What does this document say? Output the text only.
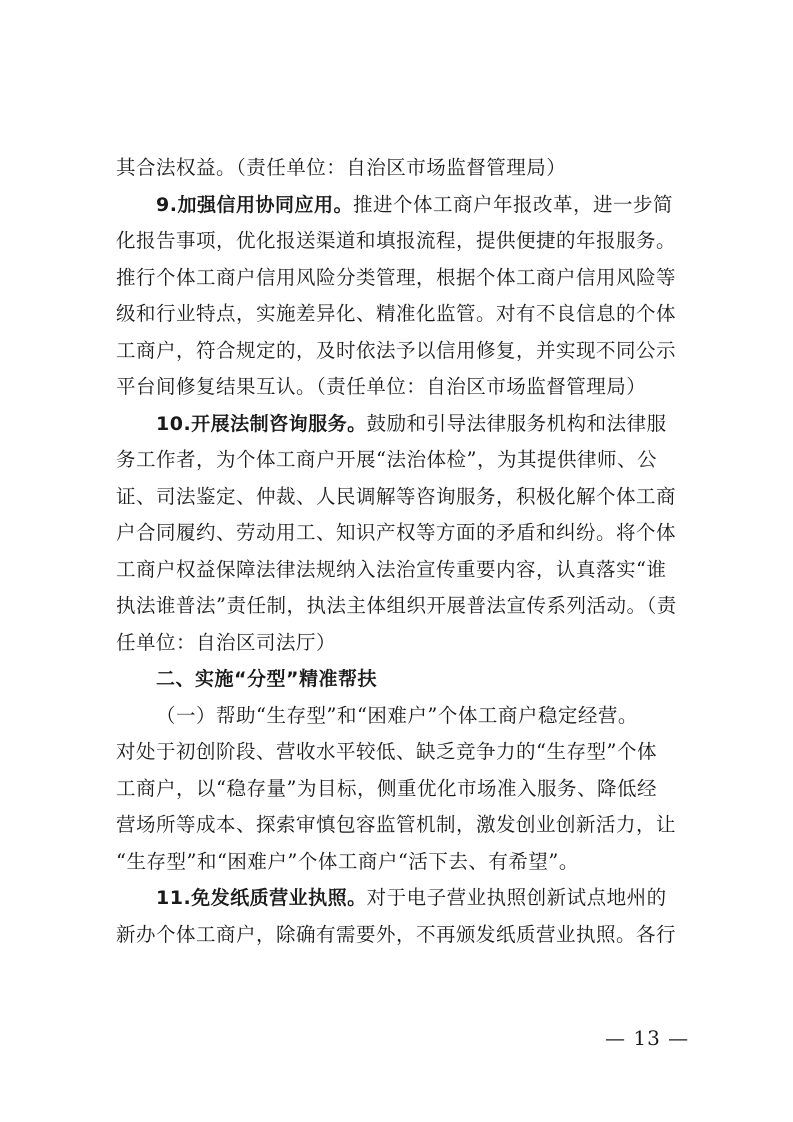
其合法权益。（责任单位：自治区市场监督管理局）
9.加强信用协同应用。推进个体工商户年报改革，进一步简
化报告事项，优化报送渠道和填报流程，提供便捷的年报服务。
推行个体工商户信用风险分类管理，根据个体工商户信用风险等
级和行业特点，实施差异化、精准化监管。对有不良信息的个体
工商户，符合规定的，及时依法予以信用修复，并实现不同公示
平台间修复结果互认。（责任单位：自治区市场监督管理局）
10.开展法制咨询服务。鼓励和引导法律服务机构和法律服
务工作者，为个体工商户开展“法治体检”，为其提供律师、公
证、司法鉴定、仲裁、人民调解等咨询服务，积极化解个体工商
户合同履约、劳动用工、知识产权等方面的矛盾和纠纷。将个体
工商户权益保障法律法规纳入法治宣传重要内容，认真落实“谁
执法谁普法”责任制，执法主体组织开展普法宣传系列活动。（责
任单位：自治区司法厅）
二、实施“分型”精准帮扶
（一）帮助“生存型”和“困难户”个体工商户稳定经营。
对处于初创阶段、营收水平较低、缺乏竞争力的“生存型”个体
工商户，以“稳存量”为目标，侧重优化市场准入服务、降低经
营场所等成本、探索审慎包容监管机制，激发创业创新活力，让
“生存型”和“困难户”个体工商户“活下去、有希望”。
11.免发纸质营业执照。对于电子营业执照创新试点地州的
新办个体工商户，除确有需要外，不再颁发纸质营业执照。各行
— 13 —
